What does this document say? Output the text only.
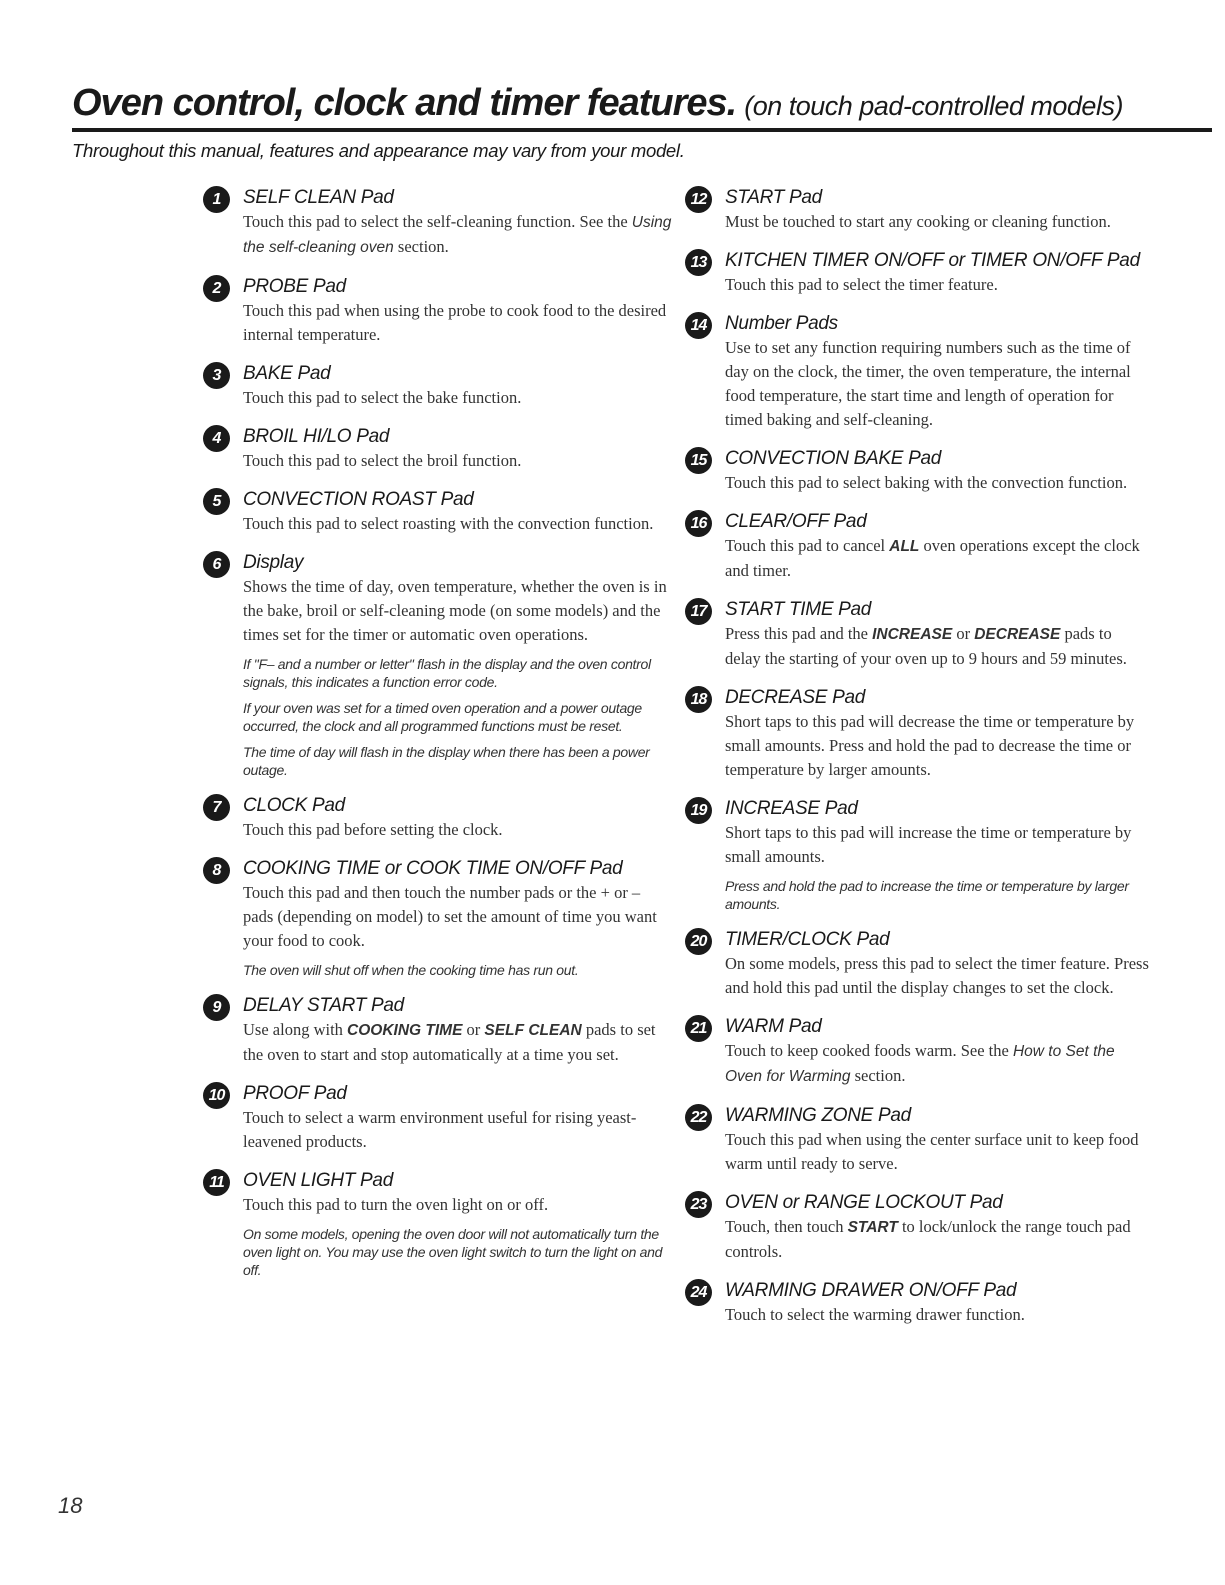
Oven control, clock and timer features. (on touch pad-controlled models)
Throughout this manual, features and appearance may vary from your model.
1	SELF CLEAN Pad
Touch this pad to select the self-cleaning function. See the Using the self-cleaning oven section.
2	PROBE Pad
Touch this pad when using the probe to cook food to the desired internal temperature.
3	BAKE Pad
Touch this pad to select the bake function.
4	BROIL HI/LO Pad
Touch this pad to select the broil function.
5	CONVECTION ROAST Pad
Touch this pad to select roasting with the convection function.
6	Display
Shows the time of day, oven temperature, whether the oven is in the bake, broil or self-cleaning mode (on some models) and the times set for the timer or automatic oven operations.
If "F– and a number or letter" flash in the display and the oven control signals, this indicates a function error code.
If your oven was set for a timed oven operation and a power outage occurred, the clock and all programmed functions must be reset.
The time of day will flash in the display when there has been a power outage.
7	CLOCK Pad
Touch this pad before setting the clock.
8	COOKING TIME or COOK TIME ON/OFF Pad
Touch this pad and then touch the number pads or the + or – pads (depending on model) to set the amount of time you want your food to cook.
The oven will shut off when the cooking time has run out.
9	DELAY START Pad
Use along with COOKING TIME or SELF CLEAN pads to set the oven to start and stop automatically at a time you set.
10 PROOF Pad
Touch to select a warm environment useful for rising yeast-leavened products.
11	OVEN LIGHT Pad
Touch this pad to turn the oven light on or off.
On some models, opening the oven door will not automatically turn the oven light on. You may use the oven light switch to turn the light on and off.
12 START Pad
Must be touched to start any cooking or cleaning function.
13 KITCHEN TIMER ON/OFF or TIMER ON/OFF Pad
Touch this pad to select the timer feature.
14 Number Pads
Use to set any function requiring numbers such as the time of day on the clock, the timer, the oven temperature, the internal food temperature, the start time and length of operation for timed baking and self-cleaning.
15 CONVECTION BAKE Pad
Touch this pad to select baking with the convection function.
16 CLEAR/OFF Pad
Touch this pad to cancel ALL oven operations except the clock and timer.
17 START TIME Pad
Press this pad and the INCREASE or DECREASE pads to delay the starting of your oven up to 9 hours and 59 minutes.
18 DECREASE Pad
Short taps to this pad will decrease the time or temperature by small amounts. Press and hold the pad to decrease the time or temperature by larger amounts.
19 INCREASE Pad
Short taps to this pad will increase the time or temperature by small amounts.
Press and hold the pad to increase the time or temperature by larger amounts.
20 TIMER/CLOCK Pad
On some models, press this pad to select the timer feature. Press and hold this pad until the display changes to set the clock.
21 WARM Pad
Touch to keep cooked foods warm. See the How to Set the Oven for Warming section.
22 WARMING ZONE Pad
Touch this pad when using the center surface unit to keep food warm until ready to serve.
23 OVEN or RANGE LOCKOUT Pad
Touch, then touch START to lock/unlock the range touch pad controls.
24 WARMING DRAWER ON/OFF Pad
Touch to select the warming drawer function.
18
